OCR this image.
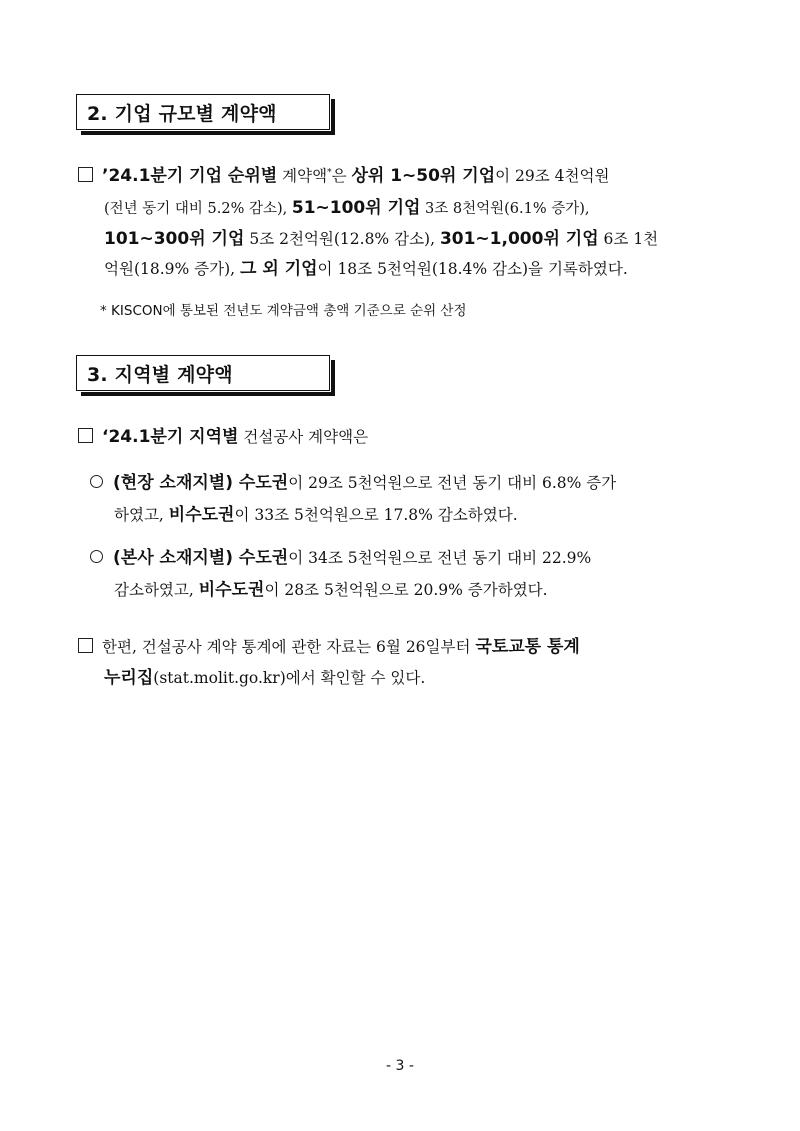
2. 기업 규모별 계약액
’24.1분기 기업 순위별 계약액*은 상위 1~50위 기업이 29조 4천억원
(전년 동기 대비 5.2% 감소), 51~100위 기업 3조 8천억원(6.1% 증가),
101~300위 기업 5조 2천억원(12.8% 감소), 301~1,000위 기업 6조 1천
억원(18.9% 증가), 그 외 기업이 18조 5천억원(18.4% 감소)을 기록하였다.
* KISCON에 통보된 전년도 계약금액 총액 기준으로 순위 산정
3. 지역별 계약액
‘24.1분기 지역별 건설공사 계약액은
(현장 소재지별) 수도권이 29조 5천억원으로 전년 동기 대비 6.8% 증가
하였고, 비수도권이 33조 5천억원으로 17.8% 감소하였다.
(본사 소재지별) 수도권이 34조 5천억원으로 전년 동기 대비 22.9%
감소하였고, 비수도권이 28조 5천억원으로 20.9% 증가하였다.
한편, 건설공사 계약 통계에 관한 자료는 6월 26일부터 국토교통 통계
누리집(stat.molit.go.kr)에서 확인할 수 있다.
- 3 -
